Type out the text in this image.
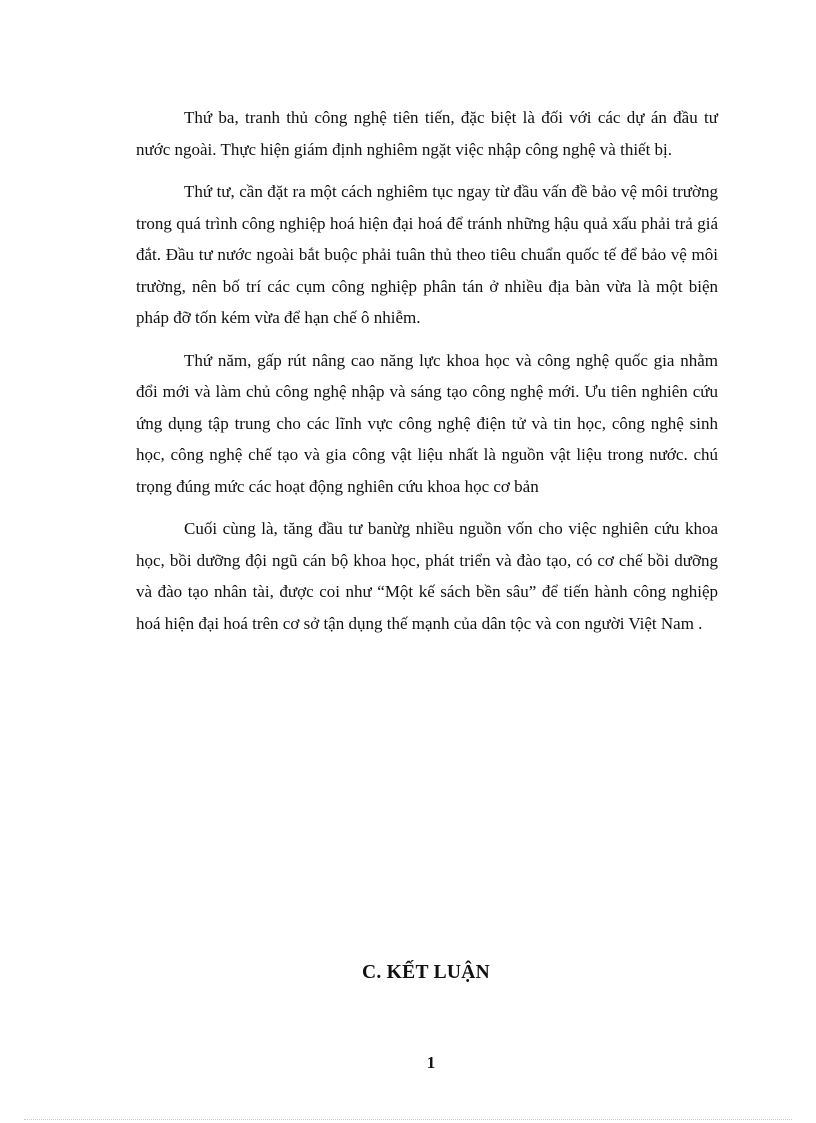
Thứ ba, tranh thủ công nghệ tiên tiến, đặc biệt là đối với các dự án đầu tư nước ngoài. Thực hiện giám định nghiêm ngặt việc nhập công nghệ và thiết bị.

Thứ tư, cần đặt ra một cách nghiêm tục ngay từ đầu vấn đề bảo vệ môi trường trong quá trình công nghiệp hoá hiện đại hoá để tránh những hậu quả xấu phải trả giá đắt. Đầu tư nước ngoài bắt buộc phải tuân thủ theo tiêu chuẩn quốc tế để bảo vệ môi trường, nên bố trí các cụm công nghiệp phân tán ở nhiều địa bàn vừa là một biện pháp đỡ tốn kém vừa để hạn chế ô nhiễm.

Thứ năm, gấp rút nâng cao năng lực khoa học và công nghệ quốc gia nhằm đổi mới và làm chủ công nghệ nhập và sáng tạo công nghệ mới. Ưu tiên nghiên cứu ứng dụng tập trung cho các lĩnh vực công nghệ điện tử và tin học, công nghệ sinh học, công nghệ chế tạo và gia công vật liệu nhất là nguồn vật liệu trong nước. chú trọng đúng mức các hoạt động nghiên cứu khoa học cơ bản

Cuối cùng là, tăng đầu tư banừg nhiều nguồn vốn cho việc nghiên cứu khoa học, bồi dưỡng đội ngũ cán bộ khoa học, phát triển và đào tạo, có cơ chế bồi dưỡng và đào tạo nhân tài, được coi như “Một kế sách bền sâu” để tiến hành công nghiệp hoá hiện đại hoá trên cơ sở tận dụng thế mạnh của dân tộc và con người Việt Nam .

C. KẾT LUẬN
1
